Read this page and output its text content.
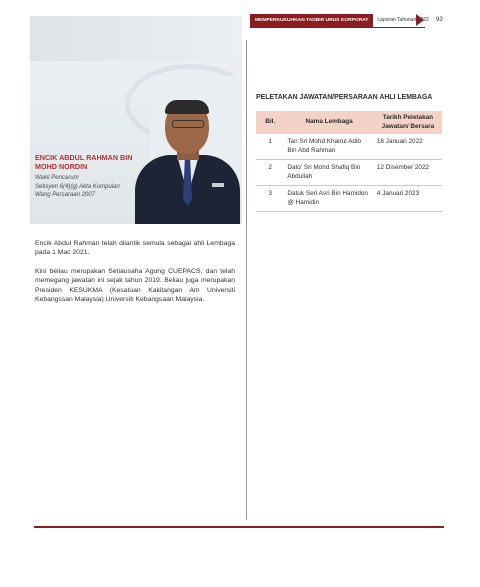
MEMPERKUKUHKAN TADBIR URUS KORPORAT	Laporan Tahunan 2022	93
ENCIK ABDUL RAHMAN BIN MOHD NORDIN
Wakil Pencarum
Seksyen 6(4)(g) Akta Kumpulan Wang Persaraan 2007

Encik Abdul Rahman telah dilantik semula sebagai ahli Lembaga pada 1 Mac 2021.

Kini beliau merupakan Setiausaha Agung CUEPACS, dan telah memegang jawatan ini sejak tahun 2019. Beliau juga merupakan Presiden KESUKMA (Kesatuan Kakitangan Am Universiti Kebangssan Malaysia) Universiti Kebangsaan Malaysia.

PELETAKAN JAWATAN/PERSARAAN AHLI LEMBAGA
Bil.	Nama Lembaga	Tarikh Peletakan Jawatan/ Bersara
1	Tan Sri Mohd Khairul Adib Bin Abd Rahman	16 Januari 2022
2	Dato’ Sri Mohd Shafiq Bin Abdullah	12 Disember 2022
3	Datuk Seri Asri Bin Hamidon @ Hamidin	4 Januari 2023
